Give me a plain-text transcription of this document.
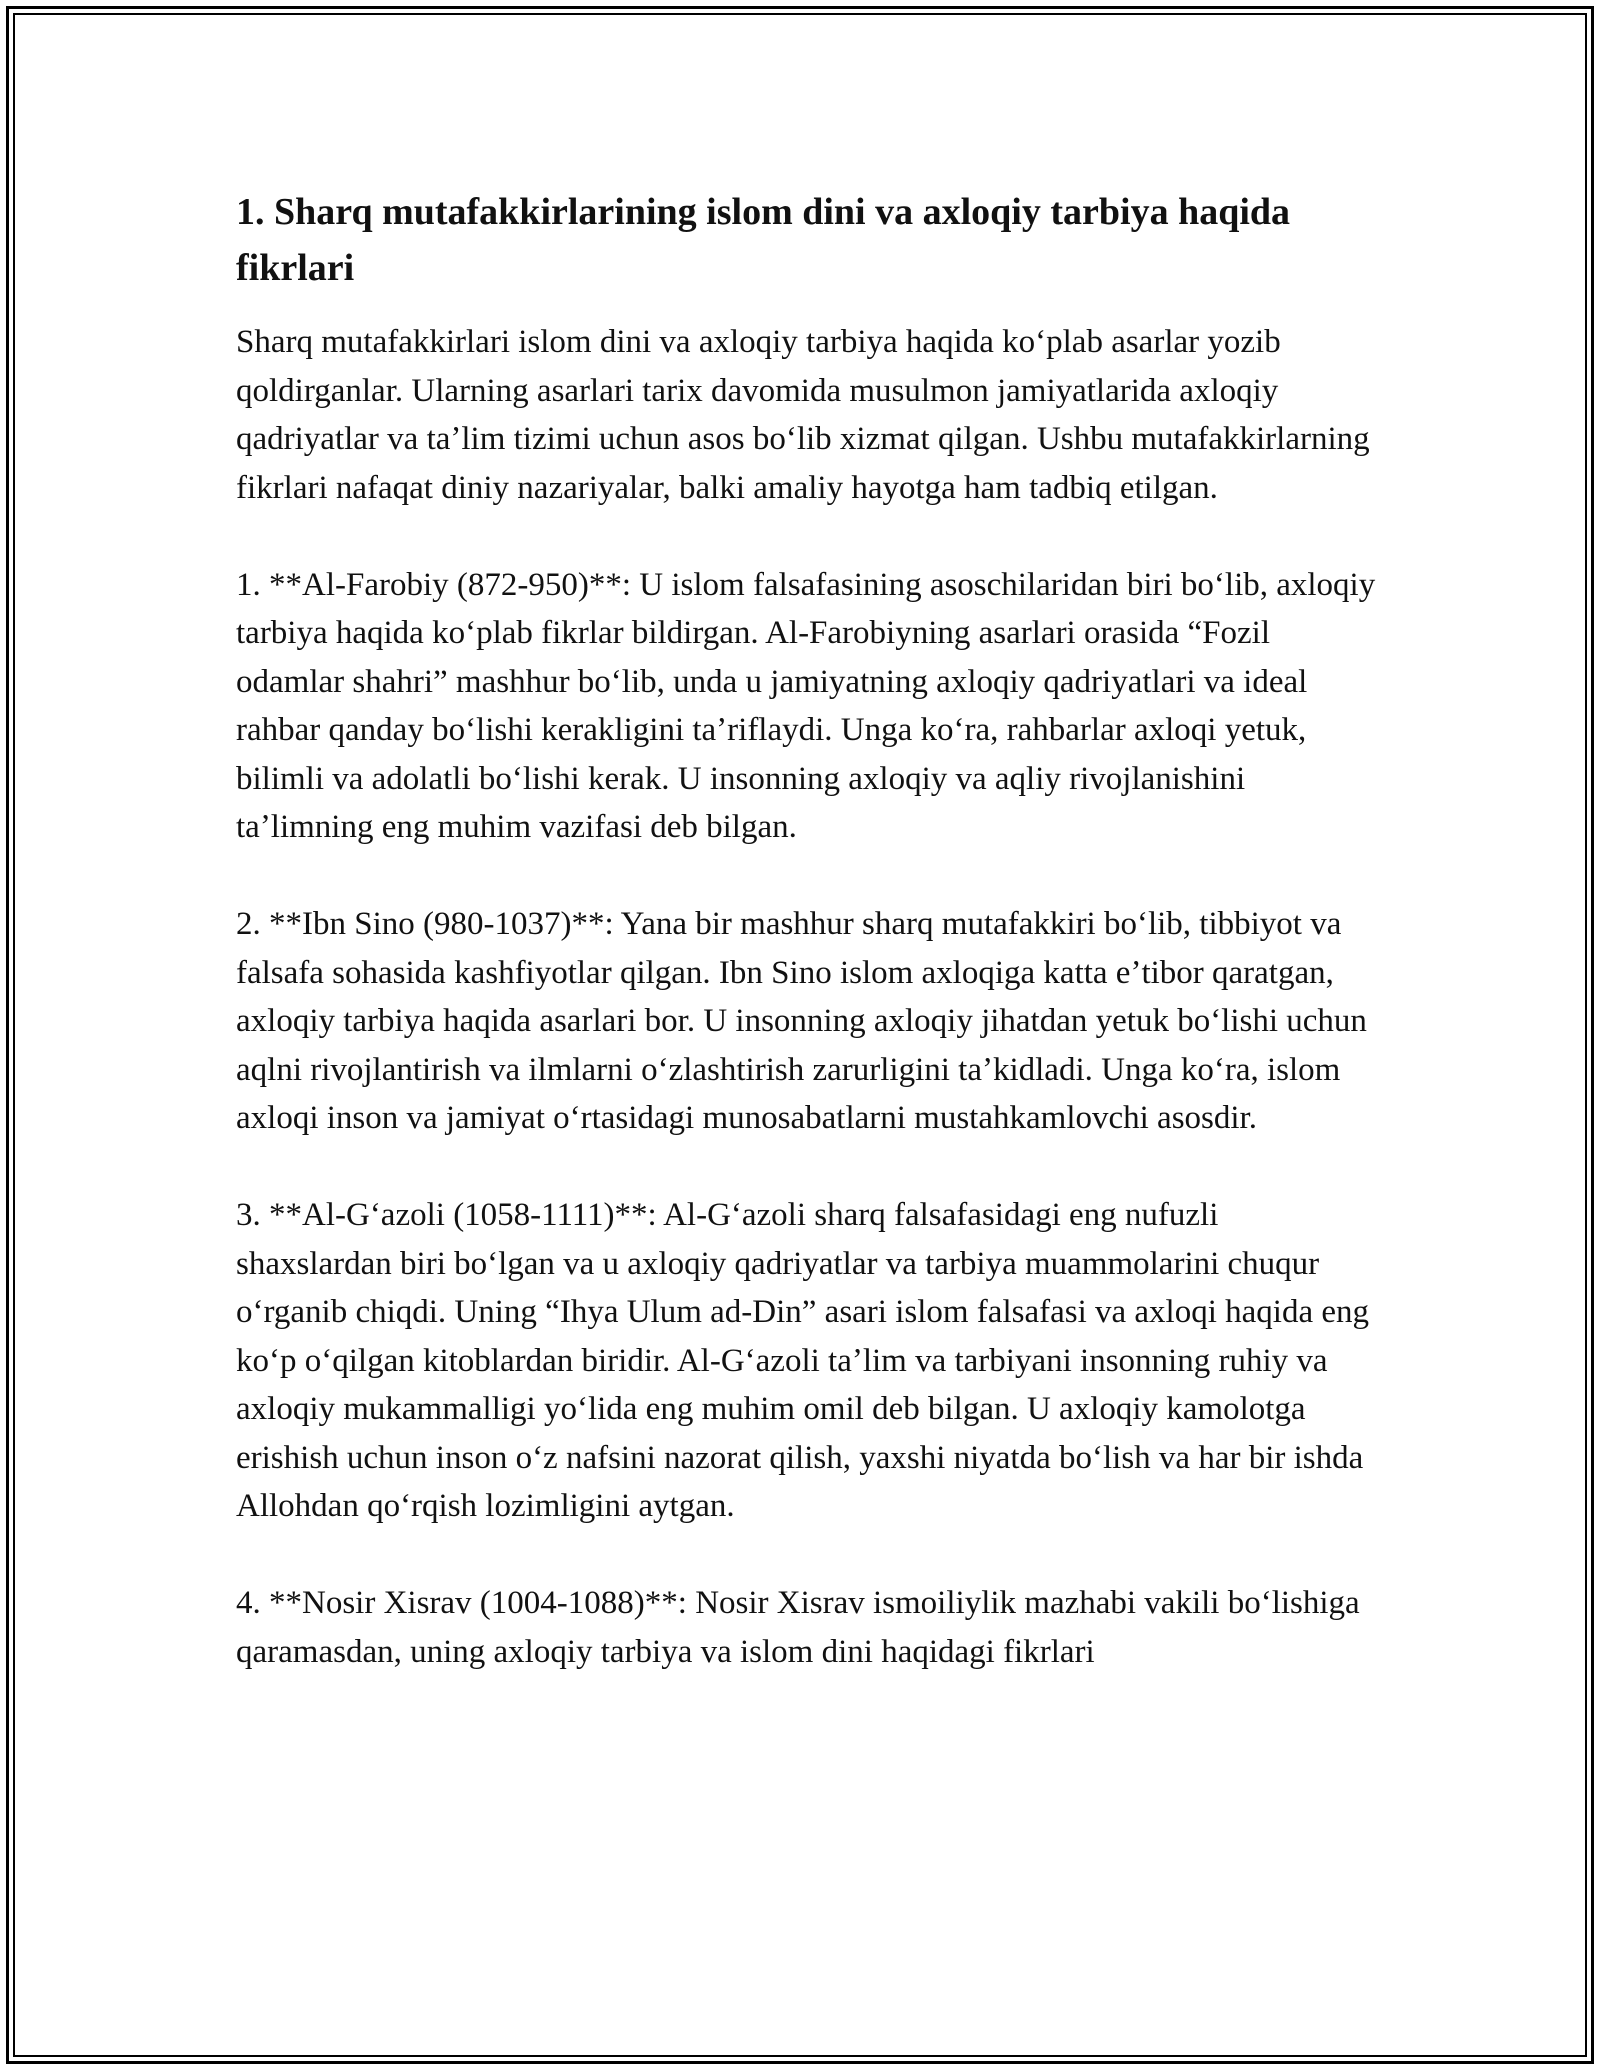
1. Sharq mutafakkirlarining islom dini va axloqiy tarbiya haqida fikrlari

Sharq mutafakkirlari islom dini va axloqiy tarbiya haqida koʻplab asarlar yozib qoldirganlar. Ularning asarlari tarix davomida musulmon jamiyatlarida axloqiy qadriyatlar va taʼlim tizimi uchun asos boʻlib xizmat qilgan. Ushbu mutafakkirlarning fikrlari nafaqat diniy nazariyalar, balki amaliy hayotga ham tadbiq etilgan.

1. **Al-Farobiy (872-950)**: U islom falsafasining asoschilaridan biri boʻlib, axloqiy tarbiya haqida koʻplab fikrlar bildirgan. Al-Farobiyning asarlari orasida “Fozil odamlar shahri” mashhur boʻlib, unda u jamiyatning axloqiy qadriyatlari va ideal rahbar qanday boʻlishi kerakligini taʼriflaydi. Unga koʻra, rahbarlar axloqi yetuk, bilimli va adolatli boʻlishi kerak. U insonning axloqiy va aqliy rivojlanishini taʼlimning eng muhim vazifasi deb bilgan.

2. **Ibn Sino (980-1037)**: Yana bir mashhur sharq mutafakkiri boʻlib, tibbiyot va falsafa sohasida kashfiyotlar qilgan. Ibn Sino islom axloqiga katta eʼtibor qaratgan, axloqiy tarbiya haqida asarlari bor. U insonning axloqiy jihatdan yetuk boʻlishi uchun aqlni rivojlantirish va ilmlarni oʻzlashtirish zarurligini taʼkidladi. Unga koʻra, islom axloqi inson va jamiyat oʻrtasidagi munosabatlarni mustahkamlovchi asosdir.

3. **Al-Gʻazoli (1058-1111)**: Al-Gʻazoli sharq falsafasidagi eng nufuzli shaxslardan biri boʻlgan va u axloqiy qadriyatlar va tarbiya muammolarini chuqur oʻrganib chiqdi. Uning “Ihya Ulum ad-Din” asari islom falsafasi va axloqi haqida eng koʻp oʻqilgan kitoblardan biridir. Al-Gʻazoli taʼlim va tarbiyani insonning ruhiy va axloqiy mukammalligi yoʻlida eng muhim omil deb bilgan. U axloqiy kamolotga erishish uchun inson oʻz nafsini nazorat qilish, yaxshi niyatda boʻlish va har bir ishda Allohdan qoʻrqish lozimligini aytgan.

4. **Nosir Xisrav (1004-1088)**: Nosir Xisrav ismoiliylik mazhabi vakili boʻlishiga qaramasdan, uning axloqiy tarbiya va islom dini haqidagi fikrlari
